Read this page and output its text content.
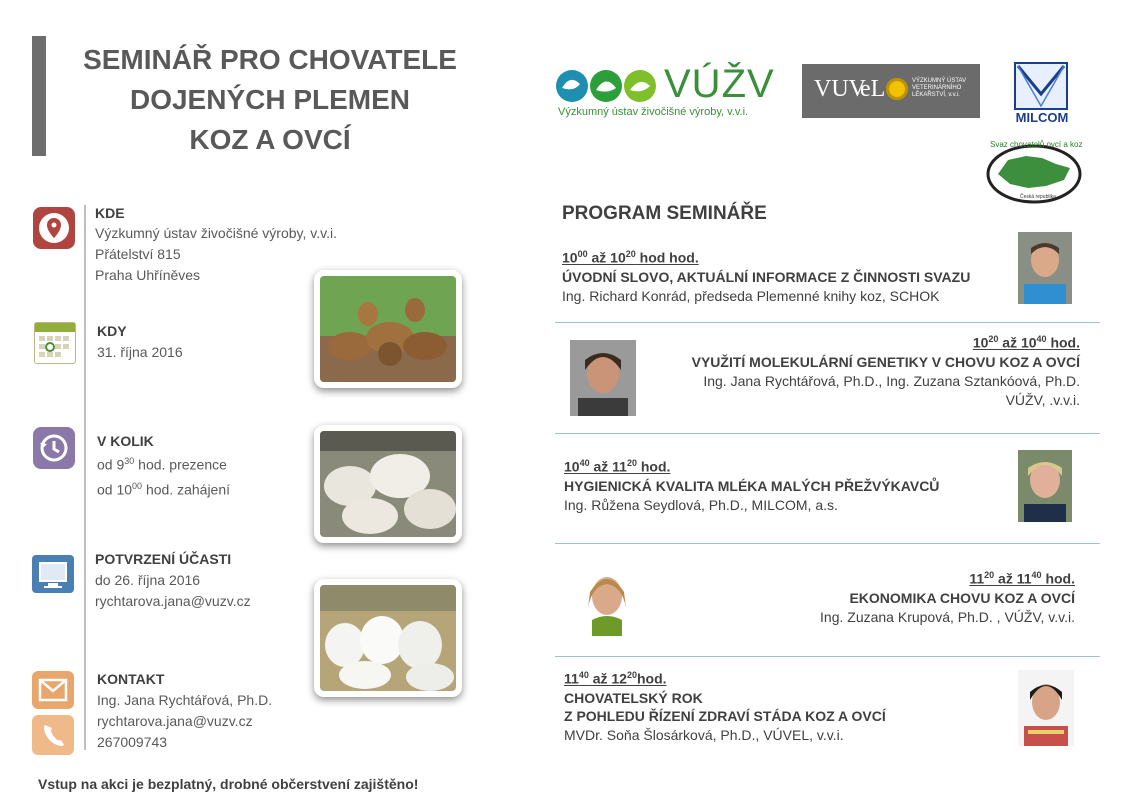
SEMINÁŘ PRO CHOVATELE
DOJENÝCH PLEMEN
KOZ A OVCÍ
VÚŽV
Výzkumný ústav živočišné výroby, v.v.i.
VUV
eL	VÝZKUMNÝ ÚSTAV VETERINÁRNÍHO LÉKAŘSTVÍ, v.v.i.
MILCOM
Svaz chovatelů ovcí a koz
Česká republika
KDE
Výzkumný ústav živočišné výroby, v.v.i.
Přátelství 815
Praha Uhříněves
KDY
31. října 2016
V KOLIK
od $9^{30}$ hod. prezence
od $10^{00}$ hod. zahájení
POTVRZENÍ ÚČASTI
do 26. října 2016
rychtarova.jana@vuzv.cz
KONTAKT
Ing. Jana Rychtářová, Ph.D.
rychtarova.jana@vuzv.cz
267009743
PROGRAM SEMINÁŘE
$10^{00}$ až $10^{20}$ hod hod.
ÚVODNÍ SLOVO, AKTUÁLNÍ INFORMACE Z ČINNOSTI SVAZU
Ing. Richard Konrád, předseda Plemenné knihy koz, SCHOK
$10^{20}$ až $10^{40}$ hod.
VYUŽITÍ MOLEKULÁRNÍ GENETIKY V CHOVU KOZ A OVCÍ
Ing. Jana Rychtářová, Ph.D., Ing. Zuzana Sztankóová, Ph.D.
VÚŽV, .v.v.i.
$10^{40}$ až $11^{20}$ hod.
HYGIENICKÁ KVALITA MLÉKA MALÝCH PŘEŽVÝKAVCŮ
Ing. Růžena Seydlová, Ph.D., MILCOM, a.s.
$11^{20}$ až $11^{40}$ hod.
EKONOMIKA CHOVU KOZ A OVCÍ
Ing. Zuzana Krupová, Ph.D. , VÚŽV, v.v.i.
$11^{40}$ až $12^{20}hod$.
CHOVATELSKÝ ROK
Z POHLEDU ŘÍZENÍ ZDRAVÍ STÁDA KOZ A OVCÍ
MVDr. Soňa Šlosárková, Ph.D., VÚVEL, v.v.i.
Vstup na akci je bezplatný, drobné občerstvení zajištěno!
